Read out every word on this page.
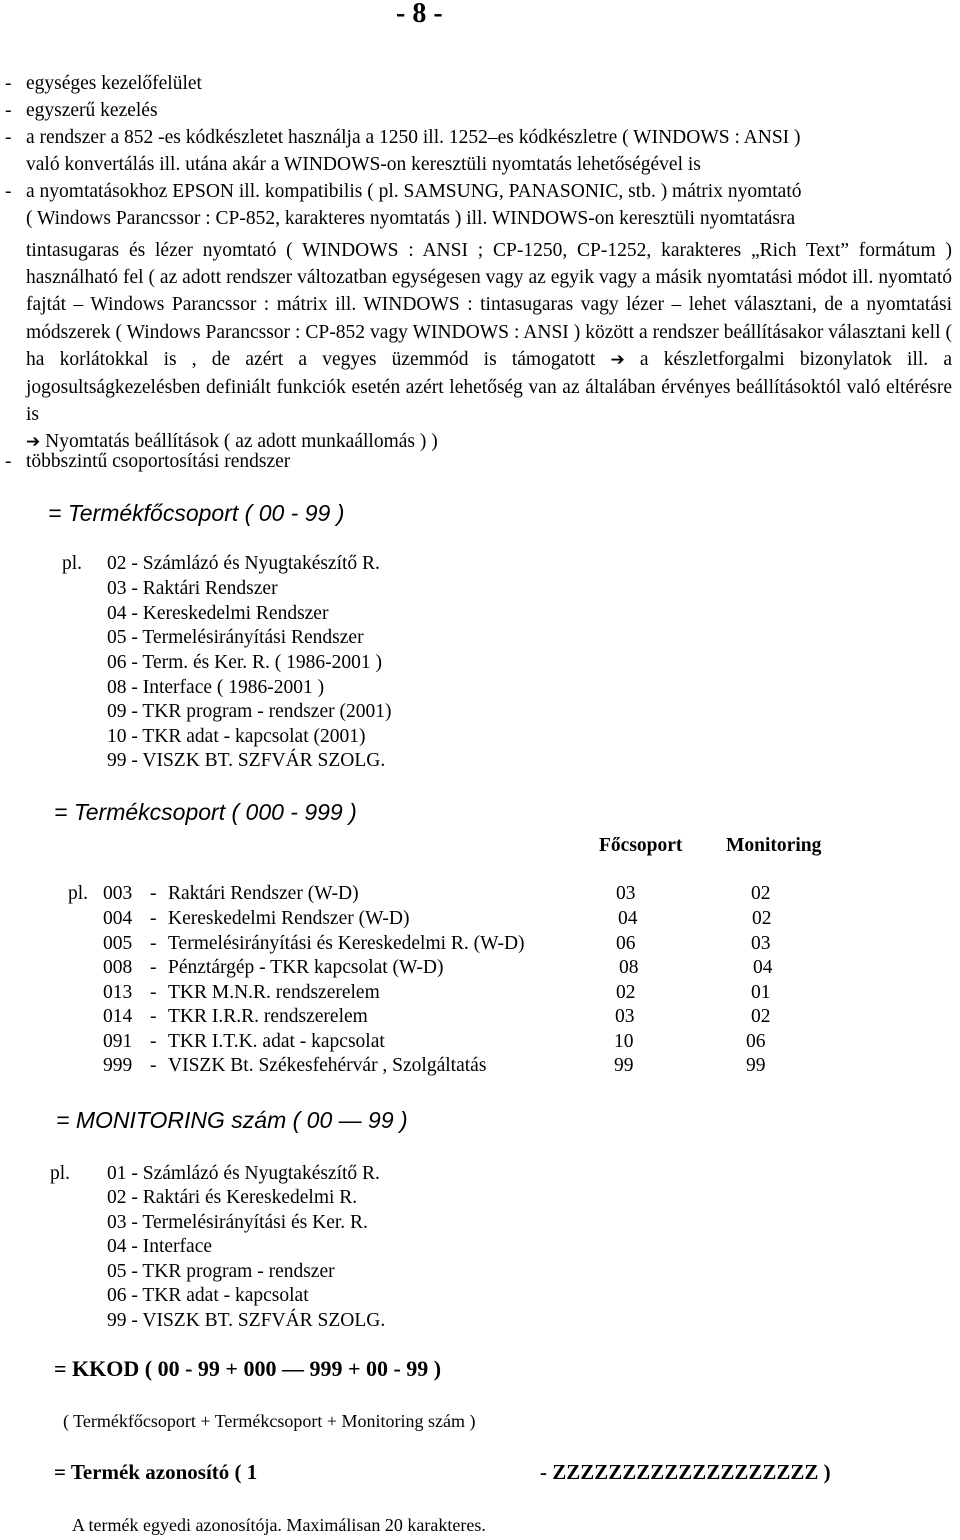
- 8 -
- egységes kezelőfelület
- egyszerű kezelés
- a rendszer a 852 -es kódkészletet használja a 1250 ill. 1252–es kódkészletre ( WINDOWS : ANSI )
való konvertálás ill. utána akár a WINDOWS-on keresztüli nyomtatás lehetőségével is
- a nyomtatásokhoz EPSON ill. kompatibilis ( pl. SAMSUNG, PANASONIC, stb. ) mátrix nyomtató
( Windows Parancssor : CP-852, karakteres nyomtatás ) ill. WINDOWS-on keresztüli nyomtatásra
tintasugaras és lézer nyomtató ( WINDOWS : ANSI ; CP-1250, CP-1252, karakteres „Rich Text” formátum ) használható fel ( az adott rendszer változatban egységesen vagy az egyik vagy a másik nyomtatási módot ill. nyomtató fajtát – Windows Parancssor : mátrix ill. WINDOWS : tintasugaras vagy lézer – lehet választani, de a nyomtatási módszerek ( Windows Parancssor : CP-852 vagy WINDOWS : ANSI ) között a rendszer beállításakor választani kell ( ha korlátokkal is , de azért a vegyes üzemmód is támogatott ➔ a készletforgalmi bizonylatok ill. a jogosultságkezelésben definiált funkciók esetén azért lehetőség van az általában érvényes beállításoktól való eltérésre is
➔ Nyomtatás beállítások ( az adott munkaállomás ) )
- többszintű csoportosítási rendszer
= Termékfőcsoport ( 00 - 99 )
pl. 02 - Számlázó és Nyugtakészítő R.
03 - Raktári Rendszer
04 - Kereskedelmi Rendszer
05 - Termelésirányítási Rendszer
06 - Term. és Ker. R. ( 1986-2001 )
08 - Interface ( 1986-2001 )
09 - TKR program - rendszer (2001)
10 - TKR adat - kapcsolat (2001)
99 - VISZK BT. SZFVÁR SZOLG.
= Termékcsoport ( 000 - 999 )
Főcsoport Monitoring
pl. 003 - Raktári Rendszer (W-D)	03	02
004 - Kereskedelmi Rendszer (W-D)	04	02
005 - Termelésirányítási és Kereskedelmi R. (W-D)	06	03
008 - Pénztárgép - TKR kapcsolat (W-D)	08	04
013 - TKR M.N.R. rendszerelem	02	01
014 - TKR I.R.R. rendszerelem	03	02
091 - TKR I.T.K. adat - kapcsolat	10	06
999 - VISZK Bt. Székesfehérvár , Szolgáltatás	99	99
= MONITORING szám ( 00 — 99 )
pl. 01 - Számlázó és Nyugtakészítő R.
02 - Raktári és Kereskedelmi R.
03 - Termelésirányítási és Ker. R.
04 - Interface
05 - TKR program - rendszer
06 - TKR adat - kapcsolat
99 - VISZK BT. SZFVÁR SZOLG.
= KKOD ( 00 - 99 + 000 — 999 + 00 - 99 )
( Termékfőcsoport + Termékcsoport + Monitoring szám )
= Termék azonosító ( 1	- ZZZZZZZZZZZZZZZZZZZ )
A termék egyedi azonosítója. Maximálisan 20 karakteres.
